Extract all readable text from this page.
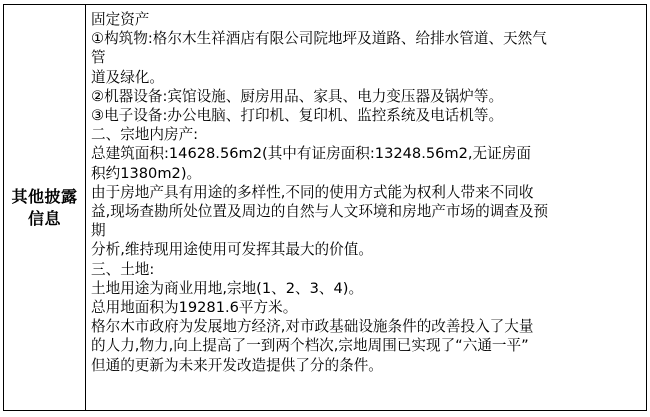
其他披露信息
固定资产
①构筑物:格尔木生祥酒店有限公司院地坪及道路、给排水管道、天然气
管
道及绿化。
②机器设备:宾馆设施、厨房用品、家具、电力变压器及锅炉等。
③电子设备:办公电脑、打印机、复印机、监控系统及电话机等。
二、宗地内房产:
总建筑面积:14628.56m2(其中有证房面积:13248.56m2,无证房面
积约1380m2)。
由于房地产具有用途的多样性,不同的使用方式能为权利人带来不同收
益,现场查勘所处位置及周边的自然与人文环境和房地产市场的调查及预
期
分析,维持现用途使用可发挥其最大的价值。
三、土地:
土地用途为商业用地,宗地(1、2、3、4)。
总用地面积为19281.6平方米。
格尔木市政府为发展地方经济,对市政基础设施条件的改善投入了大量
的人力,物力,向上提高了一到两个档次,宗地周围已实现了“六通一平”
但通的更新为未来开发改造提供了分的条件。
